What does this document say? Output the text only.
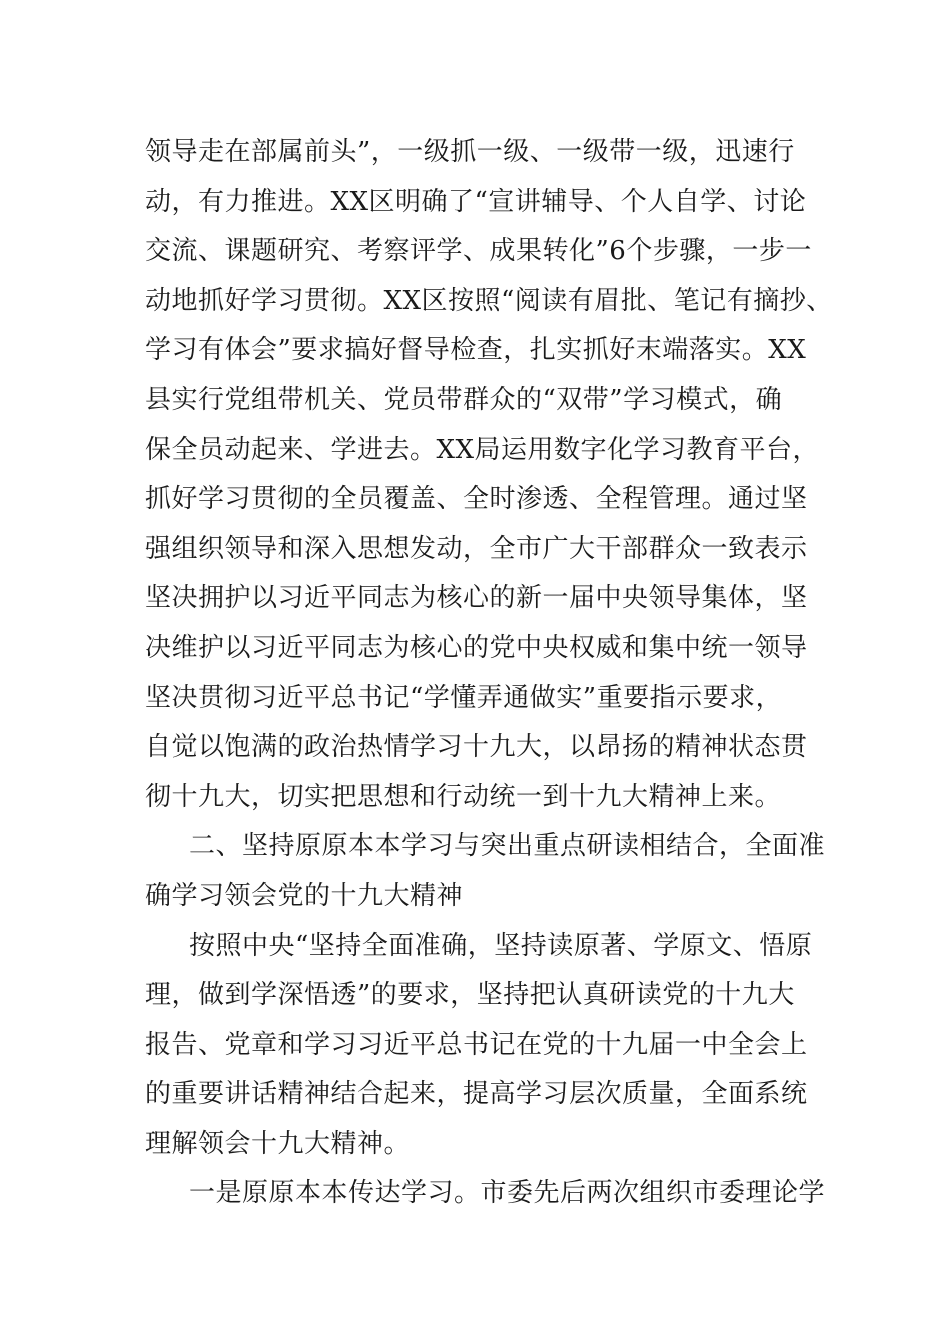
领导走在部属前头”，一级抓一级、一级带一级，迅速行
动，有力推进。XX区明确了“宣讲辅导、个人自学、讨论
交流、课题研究、考察评学、成果转化”6个步骤，一步一
动地抓好学习贯彻。XX区按照“阅读有眉批、笔记有摘抄、
学习有体会”要求搞好督导检查，扎实抓好末端落实。XX
县实行党组带机关、党员带群众的“双带”学习模式，确
保全员动起来、学进去。XX局运用数字化学习教育平台，
抓好学习贯彻的全员覆盖、全时渗透、全程管理。通过坚
强组织领导和深入思想发动，全市广大干部群众一致表示
坚决拥护以习近平同志为核心的新一届中央领导集体，坚
决维护以习近平同志为核心的党中央权威和集中统一领导
坚决贯彻习近平总书记“学懂弄通做实”重要指示要求，
自觉以饱满的政治热情学习十九大，以昂扬的精神状态贯
彻十九大，切实把思想和行动统一到十九大精神上来。
二、坚持原原本本学习与突出重点研读相结合，全面准
确学习领会党的十九大精神
按照中央“坚持全面准确，坚持读原著、学原文、悟原
理，做到学深悟透”的要求，坚持把认真研读党的十九大
报告、党章和学习习近平总书记在党的十九届一中全会上
的重要讲话精神结合起来，提高学习层次质量，全面系统
理解领会十九大精神。
一是原原本本传达学习。市委先后两次组织市委理论学
